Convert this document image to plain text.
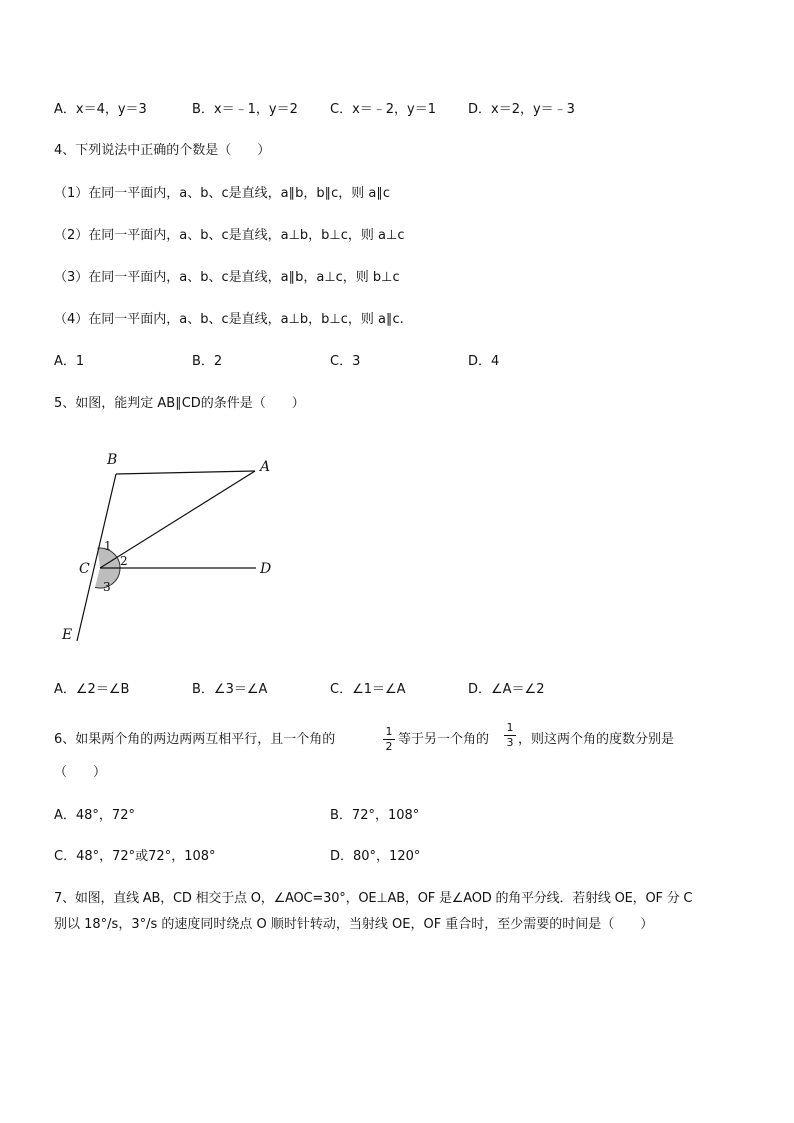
A．x＝4，y＝3	B．x＝﹣1，y＝2 C．x＝﹣2，y＝1 D．x＝2，y＝﹣3
4、下列说法中正确的个数是（　　）
（1）在同一平面内，a、b、c是直线，a∥b，b∥c，则 a∥c
（2）在同一平面内，a、b、c是直线，a⊥b，b⊥c，则 a⊥c
（3）在同一平面内，a、b、c是直线，a∥b，a⊥c，则 b⊥c
（4）在同一平面内，a、b、c是直线，a⊥b，b⊥c，则 a∥c.
A．1	B．2	C．3	D．4
5、如图，能判定 AB∥CD的条件是（　　）
B	A
C	D
E
1
2
3
A．∠2＝∠B	B．∠3＝∠A	C．∠1＝∠A	D．∠A＝∠2
6、如果两个角的两边两两互相平行，且一个角的	$\frac{1}{2}$ 等于另一个角的 $\frac{1}{3}$ ，则这两个角的度数分别是
（　　）
A．48°，72°	B．72°，108°
C．48°，72°或72°，108°	D．80°，120°
7、如图，直线 AB，CD 相交于点 O，∠AOC=30°，OE⊥AB，OF 是∠AOD 的角平分线．若射线 OE，OF 分 C
别以 18°/s，3°/s 的速度同时绕点 O 顺时针转动，当射线 OE，OF 重合时，至少需要的时间是（　　）
